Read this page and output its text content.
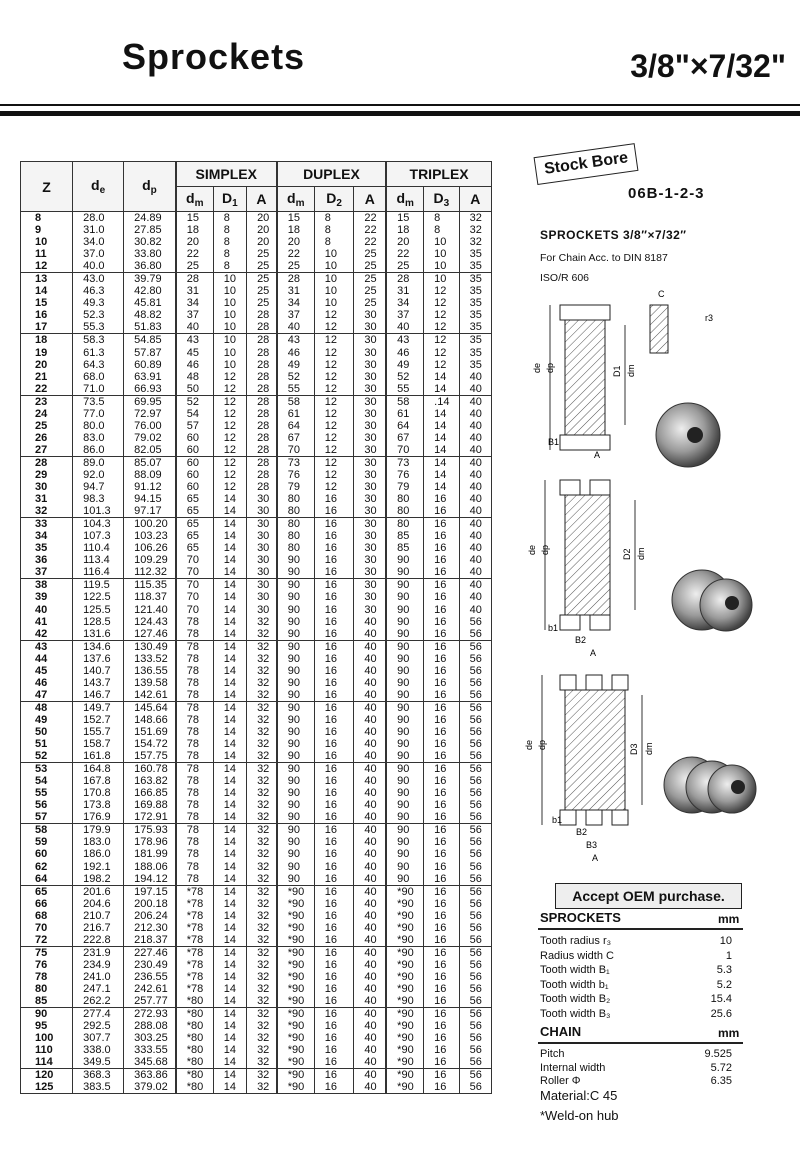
Sprockets	3/8"×7/32"
Z	$d_e$	$d_p$	SIMPLEX			DUPLEX			TRIPLEX		
			$d_m$	$D_1$	A	$d_m$	$D_2$	A	$d_m$	$D_3$	A
8	28.0	24.89	15	8	20	15	8	22	15	8	32
9	31.0	27.85	18	8	20	18	8	22	18	8	32
10	34.0	30.82	20	8	20	20	8	22	20	10	32
11	37.0	33.80	22	8	25	22	10	25	22	10	35
12	40.0	36.80	25	8	25	25	10	25	25	10	35
13	43.0	39.79	28	10	25	28	10	25	28	10	35
14	46.3	42.80	31	10	25	31	10	25	31	12	35
15	49.3	45.81	34	10	25	34	10	25	34	12	35
16	52.3	48.82	37	10	28	37	12	30	37	12	35
17	55.3	51.83	40	10	28	40	12	30	40	12	35
18	58.3	54.85	43	10	28	43	12	30	43	12	35
19	61.3	57.87	45	10	28	46	12	30	46	12	35
20	64.3	60.89	46	10	28	49	12	30	49	12	35
21	68.0	63.91	48	12	28	52	12	30	52	14	40
22	71.0	66.93	50	12	28	55	12	30	55	14	40
23	73.5	69.95	52	12	28	58	12	30	58	.14	40
24	77.0	72.97	54	12	28	61	12	30	61	14	40
25	80.0	76.00	57	12	28	64	12	30	64	14	40
26	83.0	79.02	60	12	28	67	12	30	67	14	40
27	86.0	82.05	60	12	28	70	12	30	70	14	40
28	89.0	85.07	60	12	28	73	12	30	73	14	40
29	92.0	88.09	60	12	28	76	12	30	76	14	40
30	94.7	91.12	60	12	28	79	12	30	79	14	40
31	98.3	94.15	65	14	30	80	16	30	80	16	40
32	101.3	97.17	65	14	30	80	16	30	80	16	40
33	104.3	100.20	65	14	30	80	16	30	80	16	40
34	107.3	103.23	65	14	30	80	16	30	85	16	40
35	110.4	106.26	65	14	30	80	16	30	85	16	40
36	113.4	109.29	70	14	30	90	16	30	90	16	40
37	116.4	112.32	70	14	30	90	16	30	90	16	40
38	119.5	115.35	70	14	30	90	16	30	90	16	40
39	122.5	118.37	70	14	30	90	16	30	90	16	40
40	125.5	121.40	70	14	30	90	16	30	90	16	40
41	128.5	124.43	78	14	32	90	16	40	90	16	56
42	131.6	127.46	78	14	32	90	16	40	90	16	56
43	134.6	130.49	78	14	32	90	16	40	90	16	56
44	137.6	133.52	78	14	32	90	16	40	90	16	56
45	140.7	136.55	78	14	32	90	16	40	90	16	56
46	143.7	139.58	78	14	32	90	16	40	90	16	56
47	146.7	142.61	78	14	32	90	16	40	90	16	56
48	149.7	145.64	78	14	32	90	16	40	90	16	56
49	152.7	148.66	78	14	32	90	16	40	90	16	56
50	155.7	151.69	78	14	32	90	16	40	90	16	56
51	158.7	154.72	78	14	32	90	16	40	90	16	56
52	161.8	157.75	78	14	32	90	16	40	90	16	56
53	164.8	160.78	78	14	32	90	16	40	90	16	56
54	167.8	163.82	78	14	32	90	16	40	90	16	56
55	170.8	166.85	78	14	32	90	16	40	90	16	56
56	173.8	169.88	78	14	32	90	16	40	90	16	56
57	176.9	172.91	78	14	32	90	16	40	90	16	56
58	179.9	175.93	78	14	32	90	16	40	90	16	56
59	183.0	178.96	78	14	32	90	16	40	90	16	56
60	186.0	181.99	78	14	32	90	16	40	90	16	56
62	192.1	188.06	78	14	32	90	16	40	90	16	56
64	198.2	194.12	78	14	32	90	16	40	90	16	56
65	201.6	197.15	*78	14	32	*90	16	40	*90	16	56
66	204.6	200.18	*78	14	32	*90	16	40	*90	16	56
68	210.7	206.24	*78	14	32	*90	16	40	*90	16	56
70	216.7	212.30	*78	14	32	*90	16	40	*90	16	56
72	222.8	218.37	*78	14	32	*90	16	40	*90	16	56
75	231.9	227.46	*78	14	32	*90	16	40	*90	16	56
76	234.9	230.49	*78	14	32	*90	16	40	*90	16	56
78	241.0	236.55	*78	14	32	*90	16	40	*90	16	56
80	247.1	242.61	*78	14	32	*90	16	40	*90	16	56
85	262.2	257.77	*80	14	32	*90	16	40	*90	16	56
90	277.4	272.93	*80	14	32	*90	16	40	*90	16	56
95	292.5	288.08	*80	14	32	*90	16	40	*90	16	56
100	307.7	303.25	*80	14	32	*90	16	40	*90	16	56
110	338.0	333.55	*80	14	32	*90	16	40	*90	16	56
114	349.5	345.68	*80	14	32	*90	16	40	*90	16	56
120	368.3	363.86	*80	14	32	*90	16	40	*90	16	56
125	383.5	379.02	*80	14	32	*90	16	40	*90	16	56
Stock Bore
06B-1-2-3
SPROCKETS 3/8″×7/32″
For Chain Acc. to DIN 8187
ISO/R 606
de dp	D1 dm
B1
A
C
r3
de dp	D2 dm
b1
B2
A
de dp	D3 dm
b1
B2
B3
A
Accept OEM purchase.
SPROCKETS	mm
Tooth radius r₃	10
Radius width C	1
Tooth width B₁	5.3
Tooth width b₁	5.2
Tooth width B₂	15.4
Tooth width B₃	25.6
CHAIN	mm
Pitch	9.525
Internal width	5.72
Roller Φ	6.35
Material:C 45
*Weld-on hub
